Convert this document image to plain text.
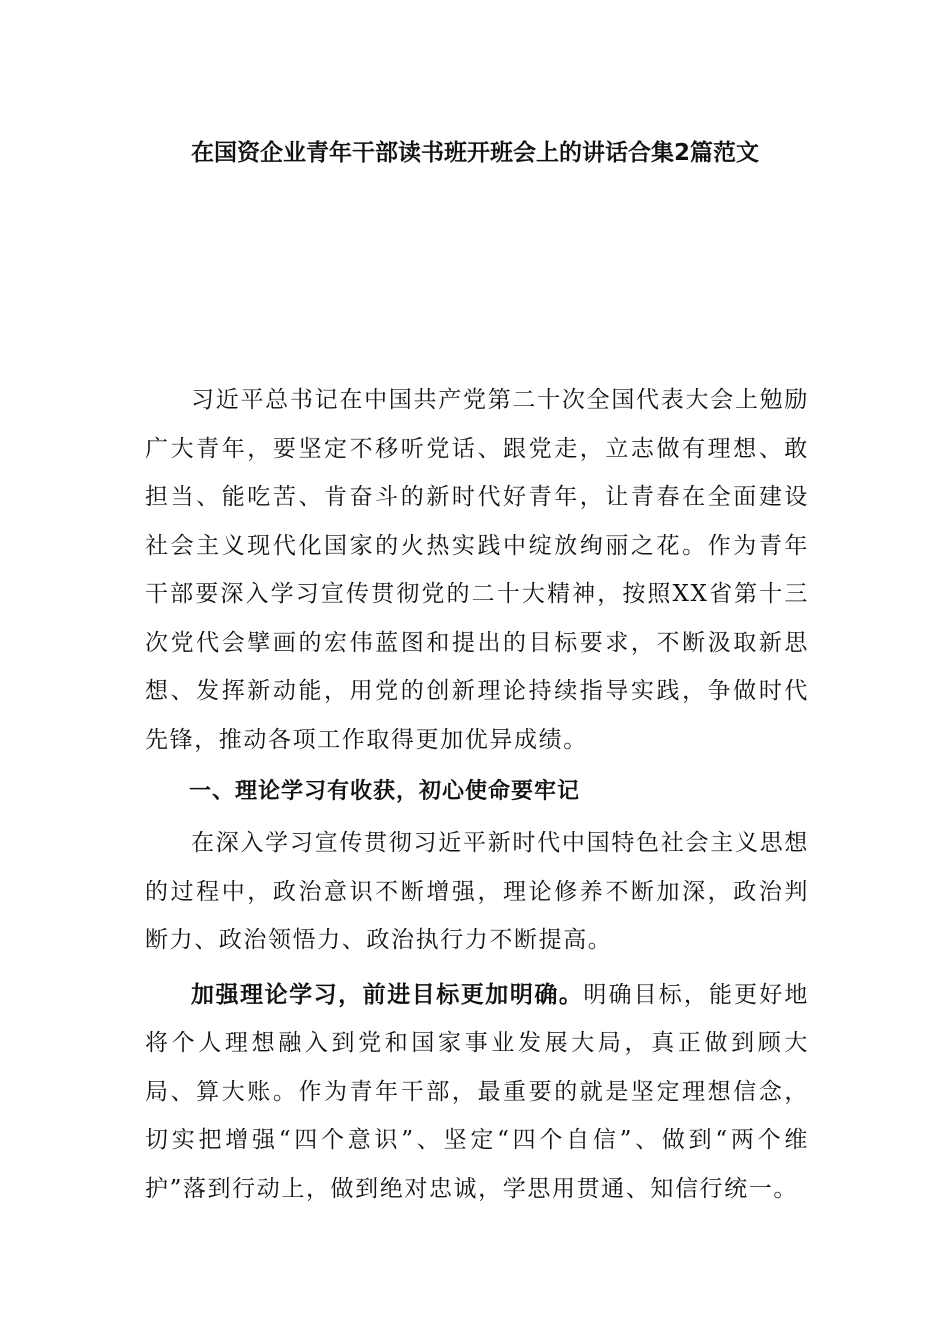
在国资企业青年干部读书班开班会上的讲话合集2篇范文

习近平总书记在中国共产党第二十次全国代表大会上勉励广大青年，要坚定不移听党话、跟党走，立志做有理想、敢担当、能吃苦、肯奋斗的新时代好青年，让青春在全面建设社会主义现代化国家的火热实践中绽放绚丽之花。作为青年干部要深入学习宣传贯彻党的二十大精神，按照XX省第十三次党代会擘画的宏伟蓝图和提出的目标要求，不断汲取新思想、发挥新动能，用党的创新理论持续指导实践，争做时代先锋，推动各项工作取得更加优异成绩。

一、理论学习有收获，初心使命要牢记

在深入学习宣传贯彻习近平新时代中国特色社会主义思想的过程中，政治意识不断增强，理论修养不断加深，政治判断力、政治领悟力、政治执行力不断提高。

加强理论学习，前进目标更加明确。明确目标，能更好地将个人理想融入到党和国家事业发展大局，真正做到顾大局、算大账。作为青年干部，最重要的就是坚定理想信念，切实把增强“四个意识”、坚定“四个自信”、做到“两个维护”落到行动上，做到绝对忠诚，学思用贯通、知信行统一。
